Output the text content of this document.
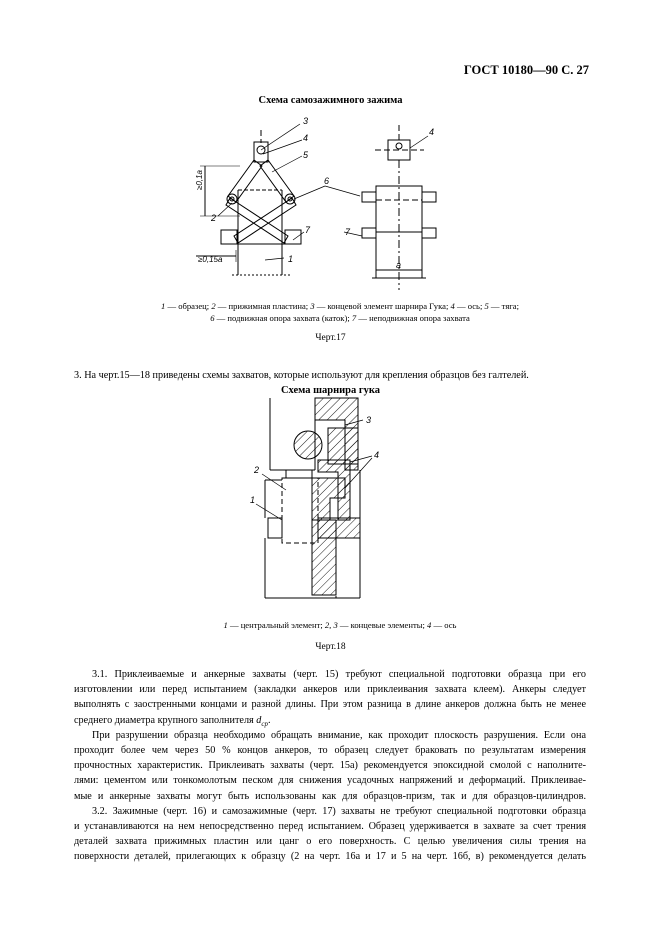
ГОСТ 10180—90 С. 27
Схема самозажимного зажима
3
4
5
6
2
7
1
4
7
a
≥0,15a
≥0,1a
1 — образец; 2 — прижимная пластина; 3 — концевой элемент шарнира Гука; 4 — ось; 5 — тяга;
6 — подвижная опора захвата (каток); 7 — неподвижная опора захвата
Черт.17
3. На черт.15—18 приведены схемы захватов, которые используют для крепления образцов без галтелей.
Схема шарнира гука
3
4
2
1
1 — центральный элемент; 2, 3 — концевые элементы; 4 — ось
Черт.18
3.1. Приклеиваемые и анкерные захваты (черт. 15) требуют специальной подготовки образца при его
изготовлении или перед испытанием (закладки анкеров или приклеивания захвата клеем). Анкеры следует
выполнять с заостренными концами и разной длины. При этом разница в длине анкеров должна быть не менее
среднего диаметра крупного заполнителя $d_{ср}$.
При разрушении образца необходимо обращать внимание, как проходит плоскость разрушения. Если она
проходит более чем через 50 % концов анкеров, то образец следует браковать по результатам измерения
прочностных характеристик. Приклеивать захваты (черт. 15а) рекомендуется эпоксидной смолой с наполните-
лями: цементом или тонкомолотым песком для снижения усадочных напряжений и деформаций. Приклеивае-
мые и анкерные захваты могут быть использованы как для образцов-призм, так и для образцов-цилиндров.
3.2. Зажимные (черт. 16) и самозажимные (черт. 17) захваты не требуют специальной подготовки образца
и устанавливаются на нем непосредственно перед испытанием. Образец удерживается в захвате за счет трения
деталей захвата прижимных пластин или цанг о его поверхность. С целью увеличения силы трения на
поверхности деталей, прилегающих к образцу (2 на черт. 16а и 17 и 5 на черт. 16б, в) рекомендуется делать
